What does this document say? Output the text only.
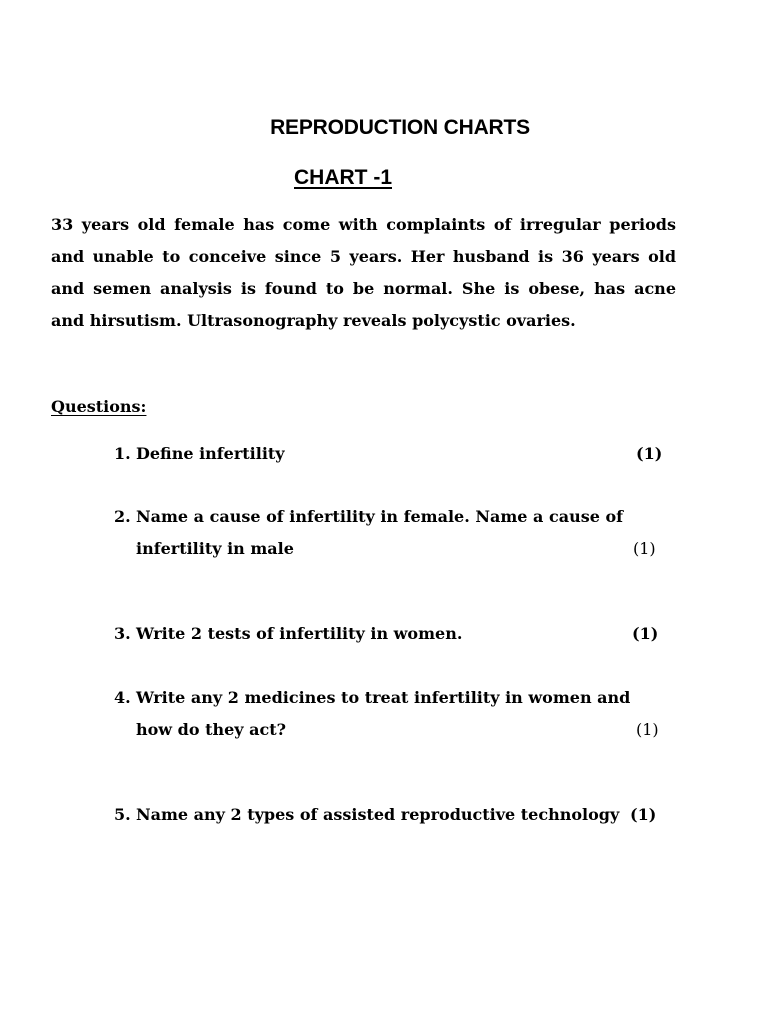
REPRODUCTION CHARTS
CHART -1
33 years old female has come with complaints of irregular periods
and unable to conceive since 5 years. Her husband is 36 years old
and semen analysis is found to be normal. She is obese, has acne
and hirsutism. Ultrasonography reveals polycystic ovaries.
Questions:
1. Define infertility	(1)
2. Name a cause of infertility in female. Name a cause of
infertility in male	(1)
3. Write 2 tests of infertility in women.	(1)
4. Write any 2 medicines to treat infertility in women and
how do they act?	(1)
5. Name any 2 types of assisted reproductive technology (1)
